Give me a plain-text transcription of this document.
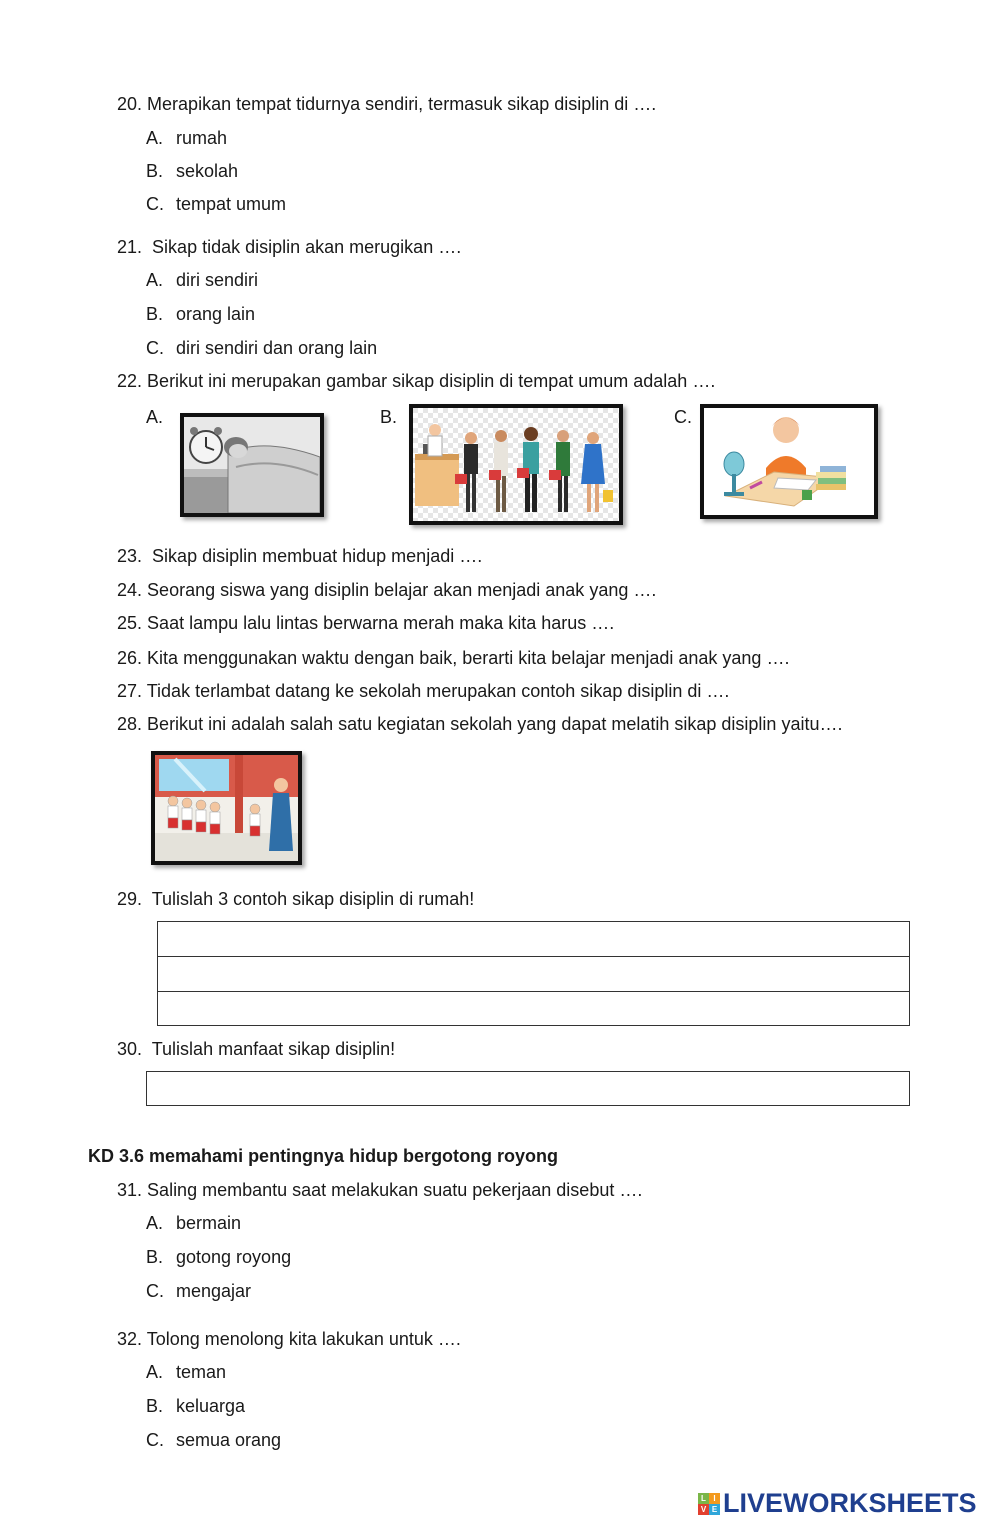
20. Merapikan tempat tidurnya sendiri, termasuk sikap disiplin di ….
A. rumah
B. sekolah
C. tempat umum
21. Sikap tidak disiplin akan merugikan ….
A. diri sendiri
B. orang lain
C. diri sendiri dan orang lain
22. Berikut ini merupakan gambar sikap disiplin di tempat umum adalah ….
A.	B.	C.
23. Sikap disiplin membuat hidup menjadi ….
24. Seorang siswa yang disiplin belajar akan menjadi anak yang ….
25. Saat lampu lalu lintas berwarna merah maka kita harus ….
26. Kita menggunakan waktu dengan baik, berarti kita belajar menjadi anak yang ….
27. Tidak terlambat datang ke sekolah merupakan contoh sikap disiplin di ….
28. Berikut ini adalah salah satu kegiatan sekolah yang dapat melatih sikap disiplin yaitu….
29. Tulislah 3 contoh sikap disiplin di rumah!
30. Tulislah manfaat sikap disiplin!
KD 3.6 memahami pentingnya hidup bergotong royong
31. Saling membantu saat melakukan suatu pekerjaan disebut ….
A. bermain
B. gotong royong
C. mengajar
32. Tolong menolong kita lakukan untuk ….
A. teman
B. keluarga
C. semua orang
L I
V E LIVEWORKSHEETS
